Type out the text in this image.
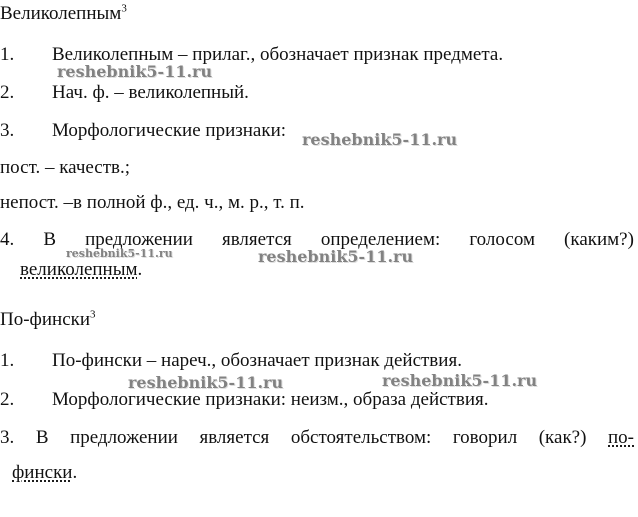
Великолепным$^3$
1. Великолепным – прилаг., обозначает признак предмета.
2. Нач. ф. – великолепный.
3. Морфологические признаки:
пост. – качеств.;
непост. –в полной ф., ед. ч., м. р., т. п.
4. В предложении является определением: голосом (каким?)
великолепным.
По-фински$^3$
1. По-фински – нареч., обозначает признак действия.
2. Морфологические признаки: неизм., образа действия.
3. В предложении является обстоятельством: говорил (как?) по-
фински.
reshebnik5-11.ru
reshebnik5-11.ru
reshebnik5-11.ru	reshebnik5-11.ru
reshebnik5-11.ru	reshebnik5-11.ru
